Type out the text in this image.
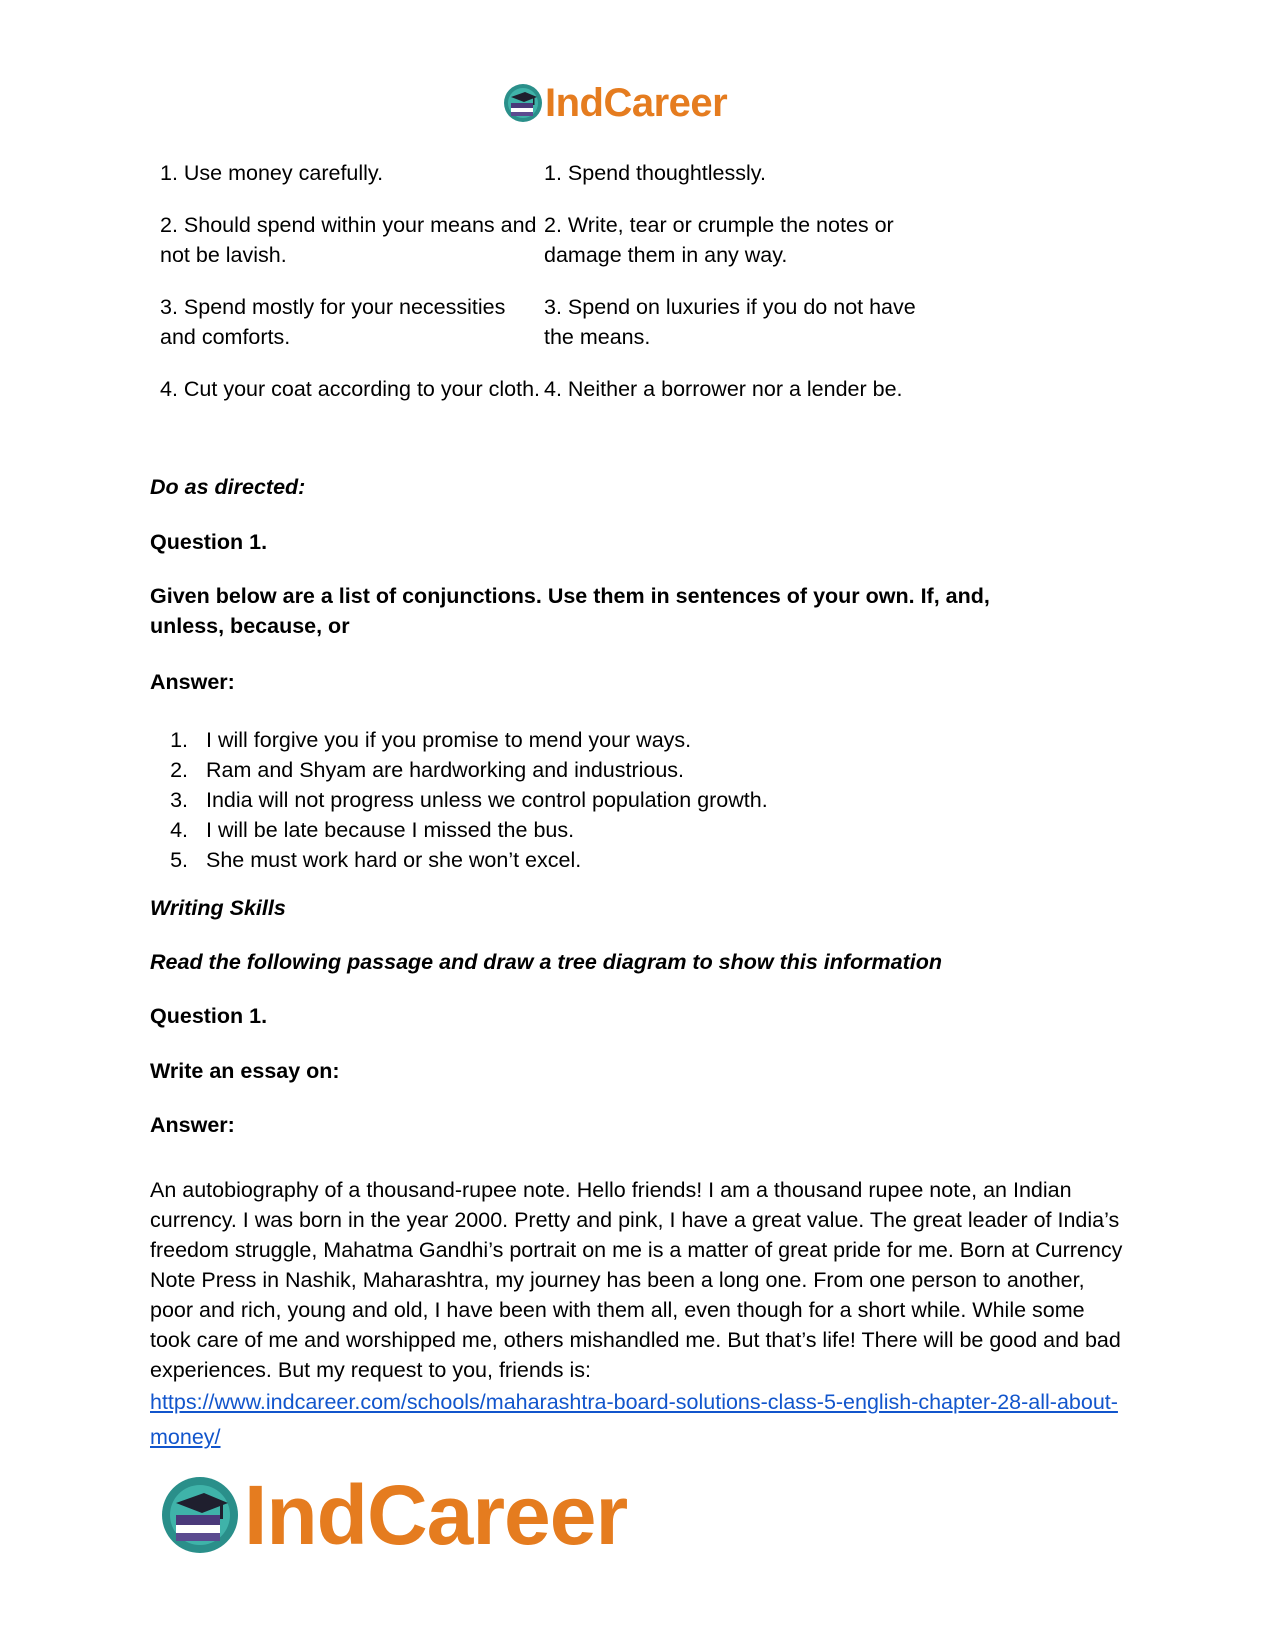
IndCareer
1. Use money carefully.	1. Spend thoughtlessly.
2. Should spend within your means and not be lavish.
2. Write, tear or crumple the notes or damage them in any way.
3. Spend mostly for your necessities and comforts.
3. Spend on luxuries if you do not have the means.
4. Cut your coat according to your cloth. 4. Neither a borrower nor a lender be.
Do as directed:
Question 1.
Given below are a list of conjunctions. Use them in sentences of your own. If, and, unless, because, or
Answer:
1. I will forgive you if you promise to mend your ways.
2. Ram and Shyam are hardworking and industrious.
3. India will not progress unless we control population growth.
4. I will be late because I missed the bus.
5. She must work hard or she won’t excel.
Writing Skills
Read the following passage and draw a tree diagram to show this information
Question 1.
Write an essay on:
Answer:
An autobiography of a thousand-rupee note. Hello friends! I am a thousand rupee note, an Indian currency. I was born in the year 2000. Pretty and pink, I have a great value. The great leader of India’s freedom struggle, Mahatma Gandhi’s portrait on me is a matter of great pride for me. Born at Currency Note Press in Nashik, Maharashtra, my journey has been a long one. From one person to another, poor and rich, young and old, I have been with them all, even though for a short while. While some took care of me and worshipped me, others mishandled me. But that’s life! There will be good and bad experiences. But my request to you, friends is:
https://www.indcareer.com/schools/maharashtra-board-solutions-class-5-english-chapter-28-all-about-money/
IndCareer
